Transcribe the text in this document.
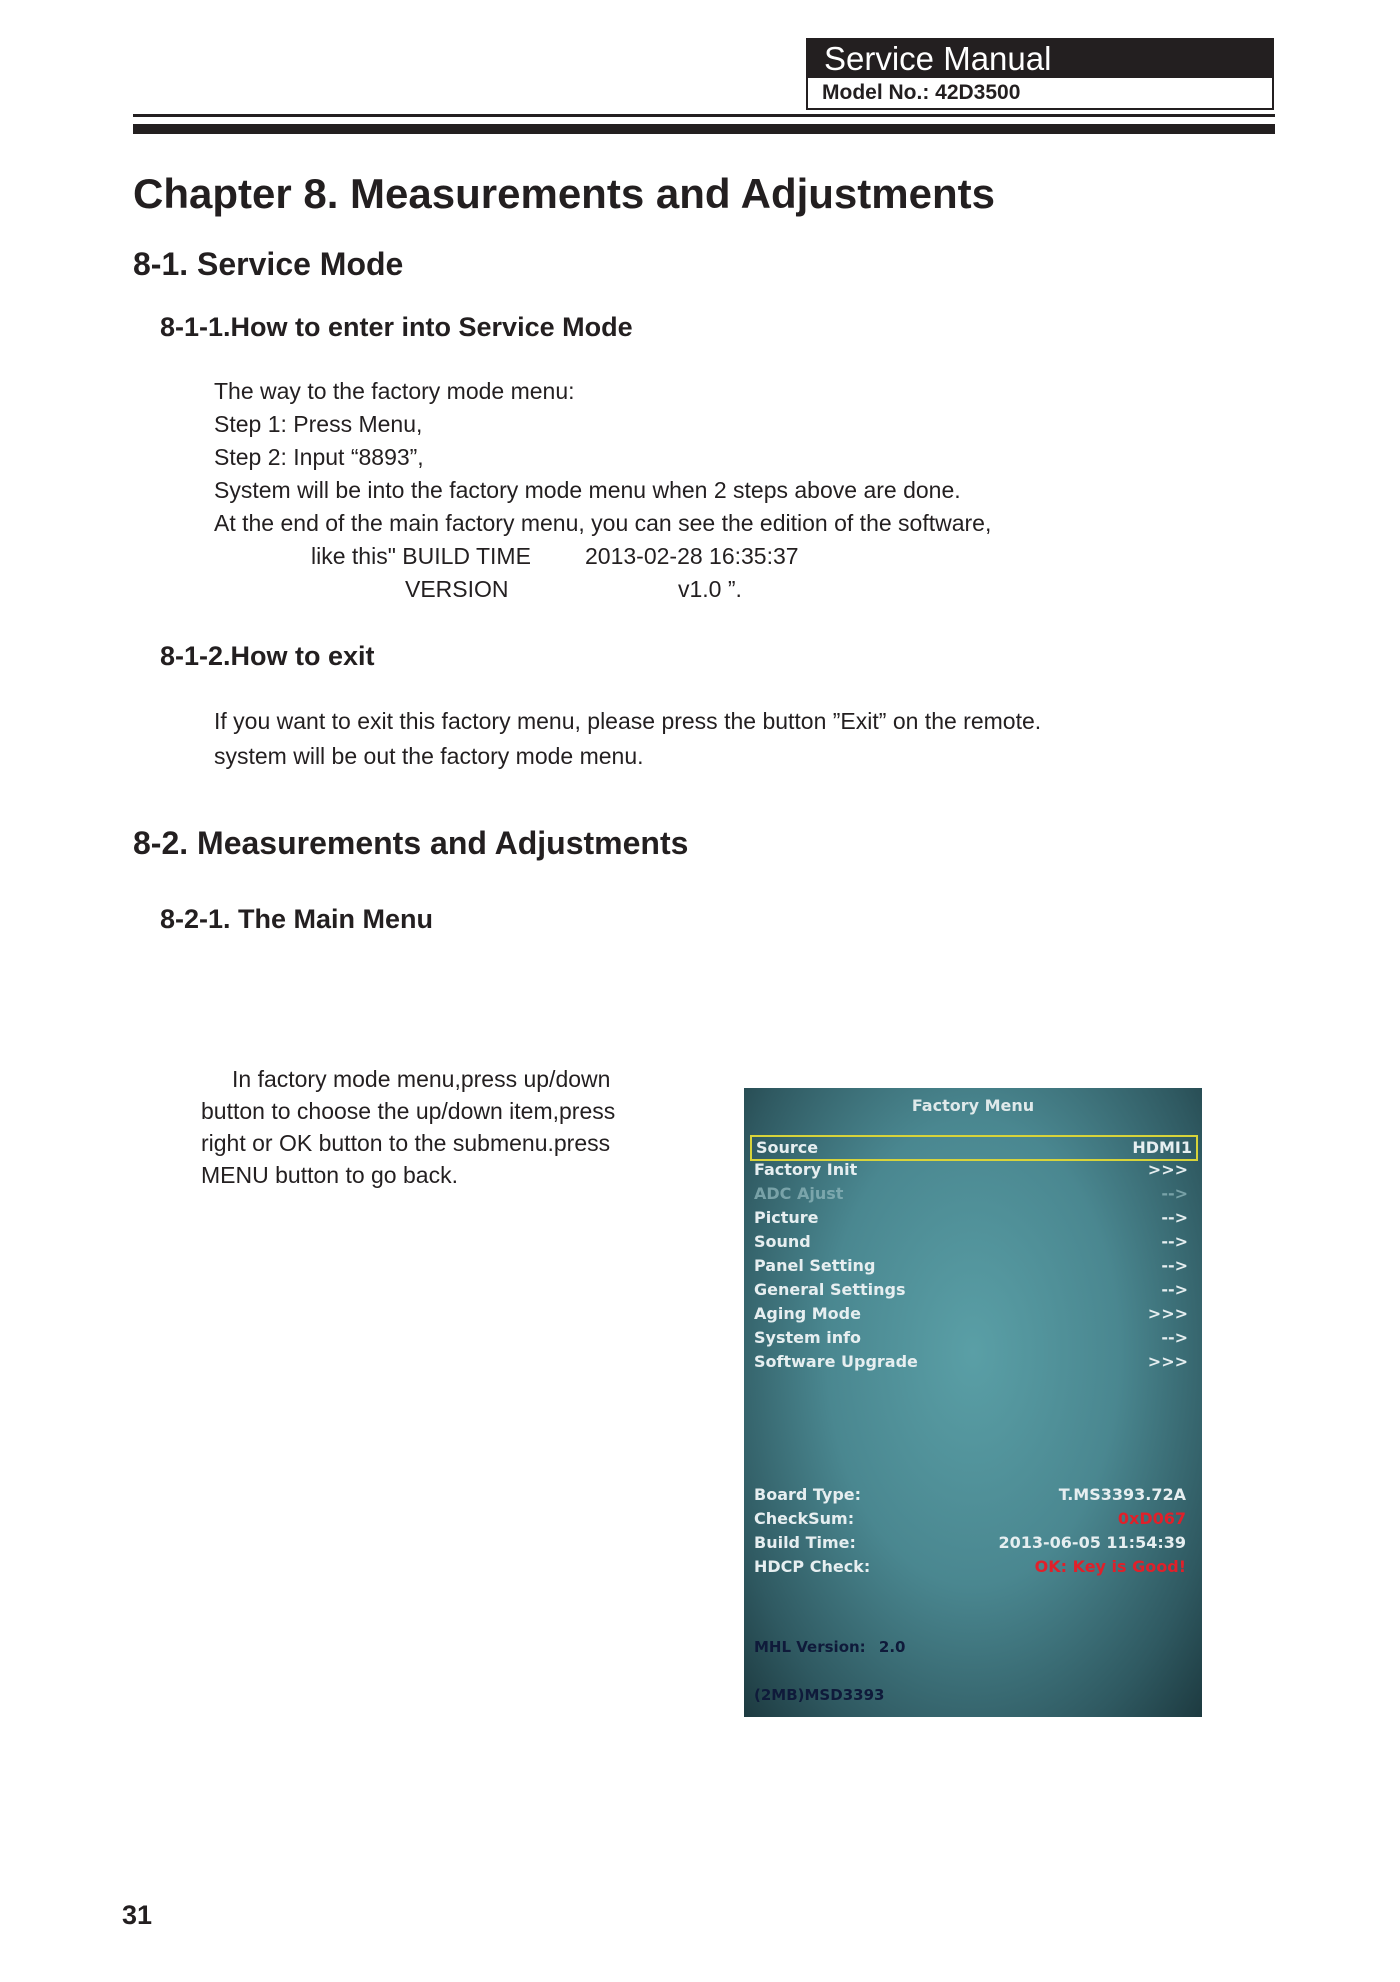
Service Manual
Model No.: 42D3500
Chapter 8. Measurements and Adjustments
8-1. Service Mode
8-1-1.How to enter into Service Mode
The way to the factory mode menu:
Step 1: Press Menu,
Step 2: Input “8893”,
System will be into the factory mode menu when 2 steps above are done.
At the end of the main factory menu, you can see the edition of the software,
like this" BUILD TIME 2013-02-28 16:35:37
VERSION	v1.0 ”.
8-1-2.How to exit
If you want to exit this factory menu, please press the button ”Exit” on the remote.
system will be out the factory mode menu.
8-2. Measurements and Adjustments
8-2-1. The Main Menu
In factory mode menu,press up/down
button to choose the up/down item,press
right or OK button to the submenu.press
MENU button to go back.
Factory Menu
Source	HDMI1
Factory Init	>>>
ADC Ajust	-->
Picture	-->
Sound	-->
Panel Setting	-->
General Settings	-->
Aging Mode	>>>
System info	-->
Software Upgrade	>>>
Board Type:	T.MS3393.72A
CheckSum:	0xD067
Build Time:	2013-06-05 11:54:39
HDCP Check:	OK: Key is Good!
MHL Version: 2.0
(2MB)MSD3393
31
